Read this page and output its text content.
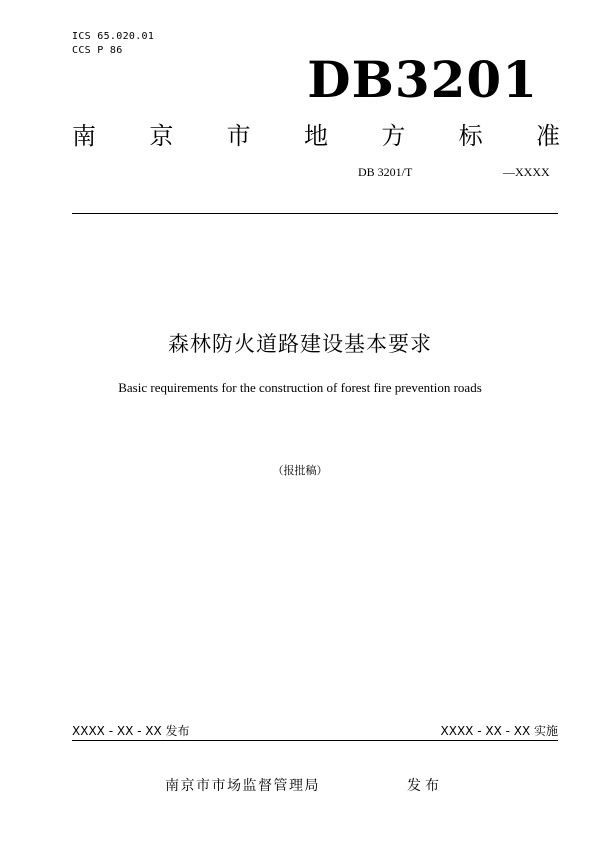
ICS 65.020.01
CCS P 86	DB3201
南 京 市 地 方 标 准
DB 3201/T	—XXXX
森林防火道路建设基本要求
Basic requirements for the construction of forest fire prevention roads
（报批稿）
XXXX - XX - XX 发布	XXXX - XX - XX 实施
南京市市场监督管理局	发布
